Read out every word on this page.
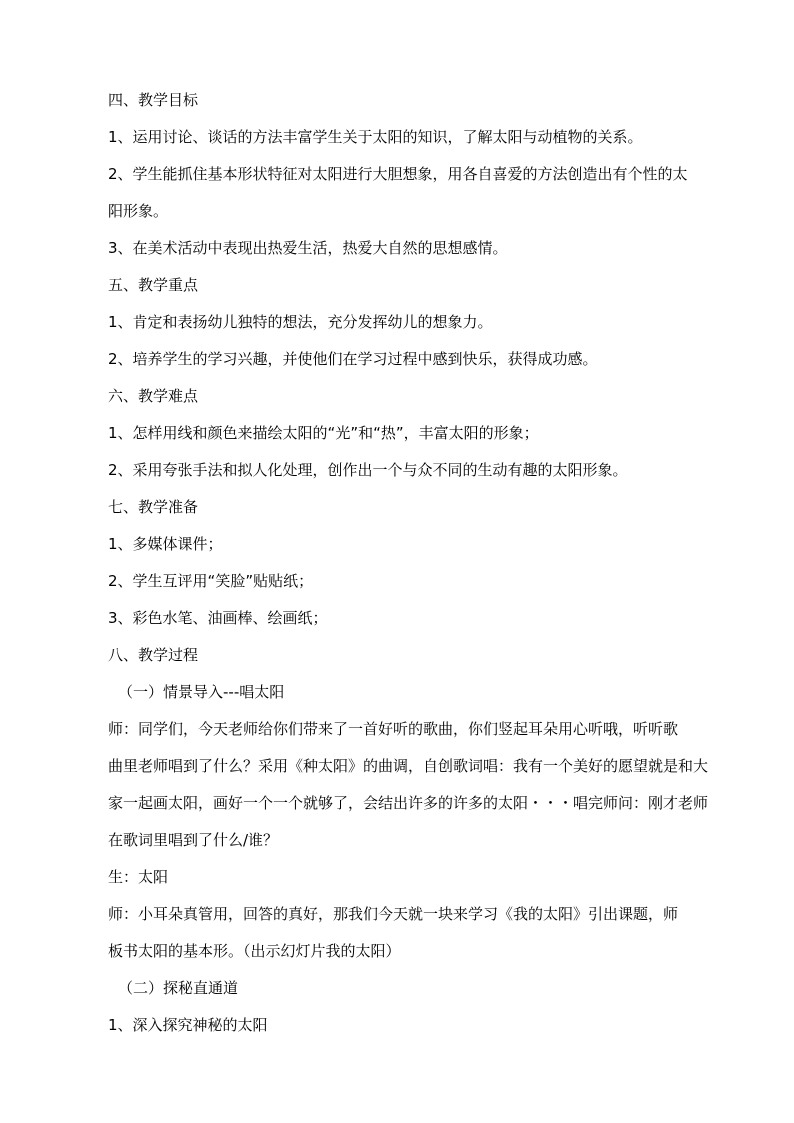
四、教学目标
1、运用讨论、谈话的方法丰富学生关于太阳的知识，了解太阳与动植物的关系。
2、学生能抓住基本形状特征对太阳进行大胆想象，用各自喜爱的方法创造出有个性的太
阳形象。
3、在美术活动中表现出热爱生活，热爱大自然的思想感情。
五、教学重点
1、肯定和表扬幼儿独特的想法，充分发挥幼儿的想象力。
2、培养学生的学习兴趣，并使他们在学习过程中感到快乐，获得成功感。
六、教学难点
1、怎样用线和颜色来描绘太阳的“光”和“热”，丰富太阳的形象；
2、采用夸张手法和拟人化处理，创作出一个与众不同的生动有趣的太阳形象。
七、教学准备
1、多媒体课件；
2、学生互评用“笑脸”贴贴纸；
3、彩色水笔、油画棒、绘画纸；
八、教学过程
（一）情景导入---唱太阳
师：同学们，今天老师给你们带来了一首好听的歌曲，你们竖起耳朵用心听哦，听听歌
曲里老师唱到了什么？采用《种太阳》的曲调，自创歌词唱：我有一个美好的愿望就是和大
家一起画太阳，画好一个一个就够了，会结出许多的许多的太阳・・・唱完师问：刚才老师
在歌词里唱到了什么/谁？
生：太阳
师：小耳朵真管用，回答的真好，那我们今天就一块来学习《我的太阳》引出课题，师
板书太阳的基本形。（出示幻灯片我的太阳）
（二）探秘直通道
1、深入探究神秘的太阳
